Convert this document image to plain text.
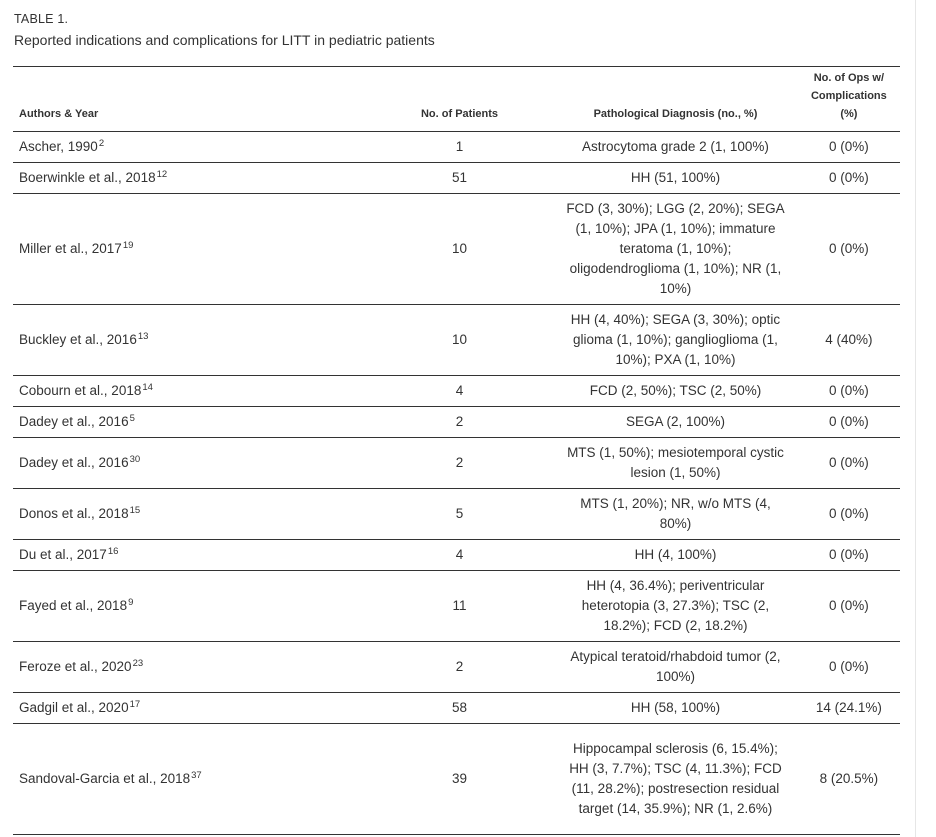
TABLE 1.
Reported indications and complications for LITT in pediatric patients
Authors & Year	No. of Patients	Pathological Diagnosis (no., %)	No. of Ops w/ Complications (%)
Ascher, 1990$^2$	1	Astrocytoma grade 2 (1, 100%)	0 (0%)
Boerwinkle et al., 2018$^{12}$	51	HH (51, 100%)	0 (0%)
Miller et al., 2017$^{19}$	10	FCD (3, 30%); LGG (2, 20%); SEGA (1, 10%); JPA (1, 10%); immature teratoma (1, 10%); oligodendroglioma (1, 10%); NR (1, 10%)	0 (0%)
Buckley et al., 2016$^{13}$	10	HH (4, 40%); SEGA (3, 30%); optic glioma (1, 10%); ganglioglioma (1, 10%); PXA (1, 10%)	4 (40%)
Cobourn et al., 2018$^{14}$	4	FCD (2, 50%); TSC (2, 50%)	0 (0%)
Dadey et al., 2016$^5$	2	SEGA (2, 100%)	0 (0%)
Dadey et al., 2016$^{30}$	2	MTS (1, 50%); mesiotemporal cystic lesion (1, 50%)	0 (0%)
Donos et al., 2018$^{15}$	5	MTS (1, 20%); NR, w/o MTS (4, 80%)	0 (0%)
Du et al., 2017$^{16}$	4	HH (4, 100%)	0 (0%)
Fayed et al., 2018$^9$	11	HH (4, 36.4%); periventricular heterotopia (3, 27.3%); TSC (2, 18.2%); FCD (2, 18.2%)	0 (0%)
Feroze et al., 2020$^{23}$	2	Atypical teratoid/rhabdoid tumor (2, 100%)	0 (0%)
Gadgil et al., 2020$^{17}$	58	HH (58, 100%)	14 (24.1%)
Sandoval-Garcia et al., 2018$^{37}$	39	Hippocampal sclerosis (6, 15.4%); HH (3, 7.7%); TSC (4, 11.3%); FCD (11, 28.2%); postresection residual target (14, 35.9%); NR (1, 2.6%)	8 (20.5%)
